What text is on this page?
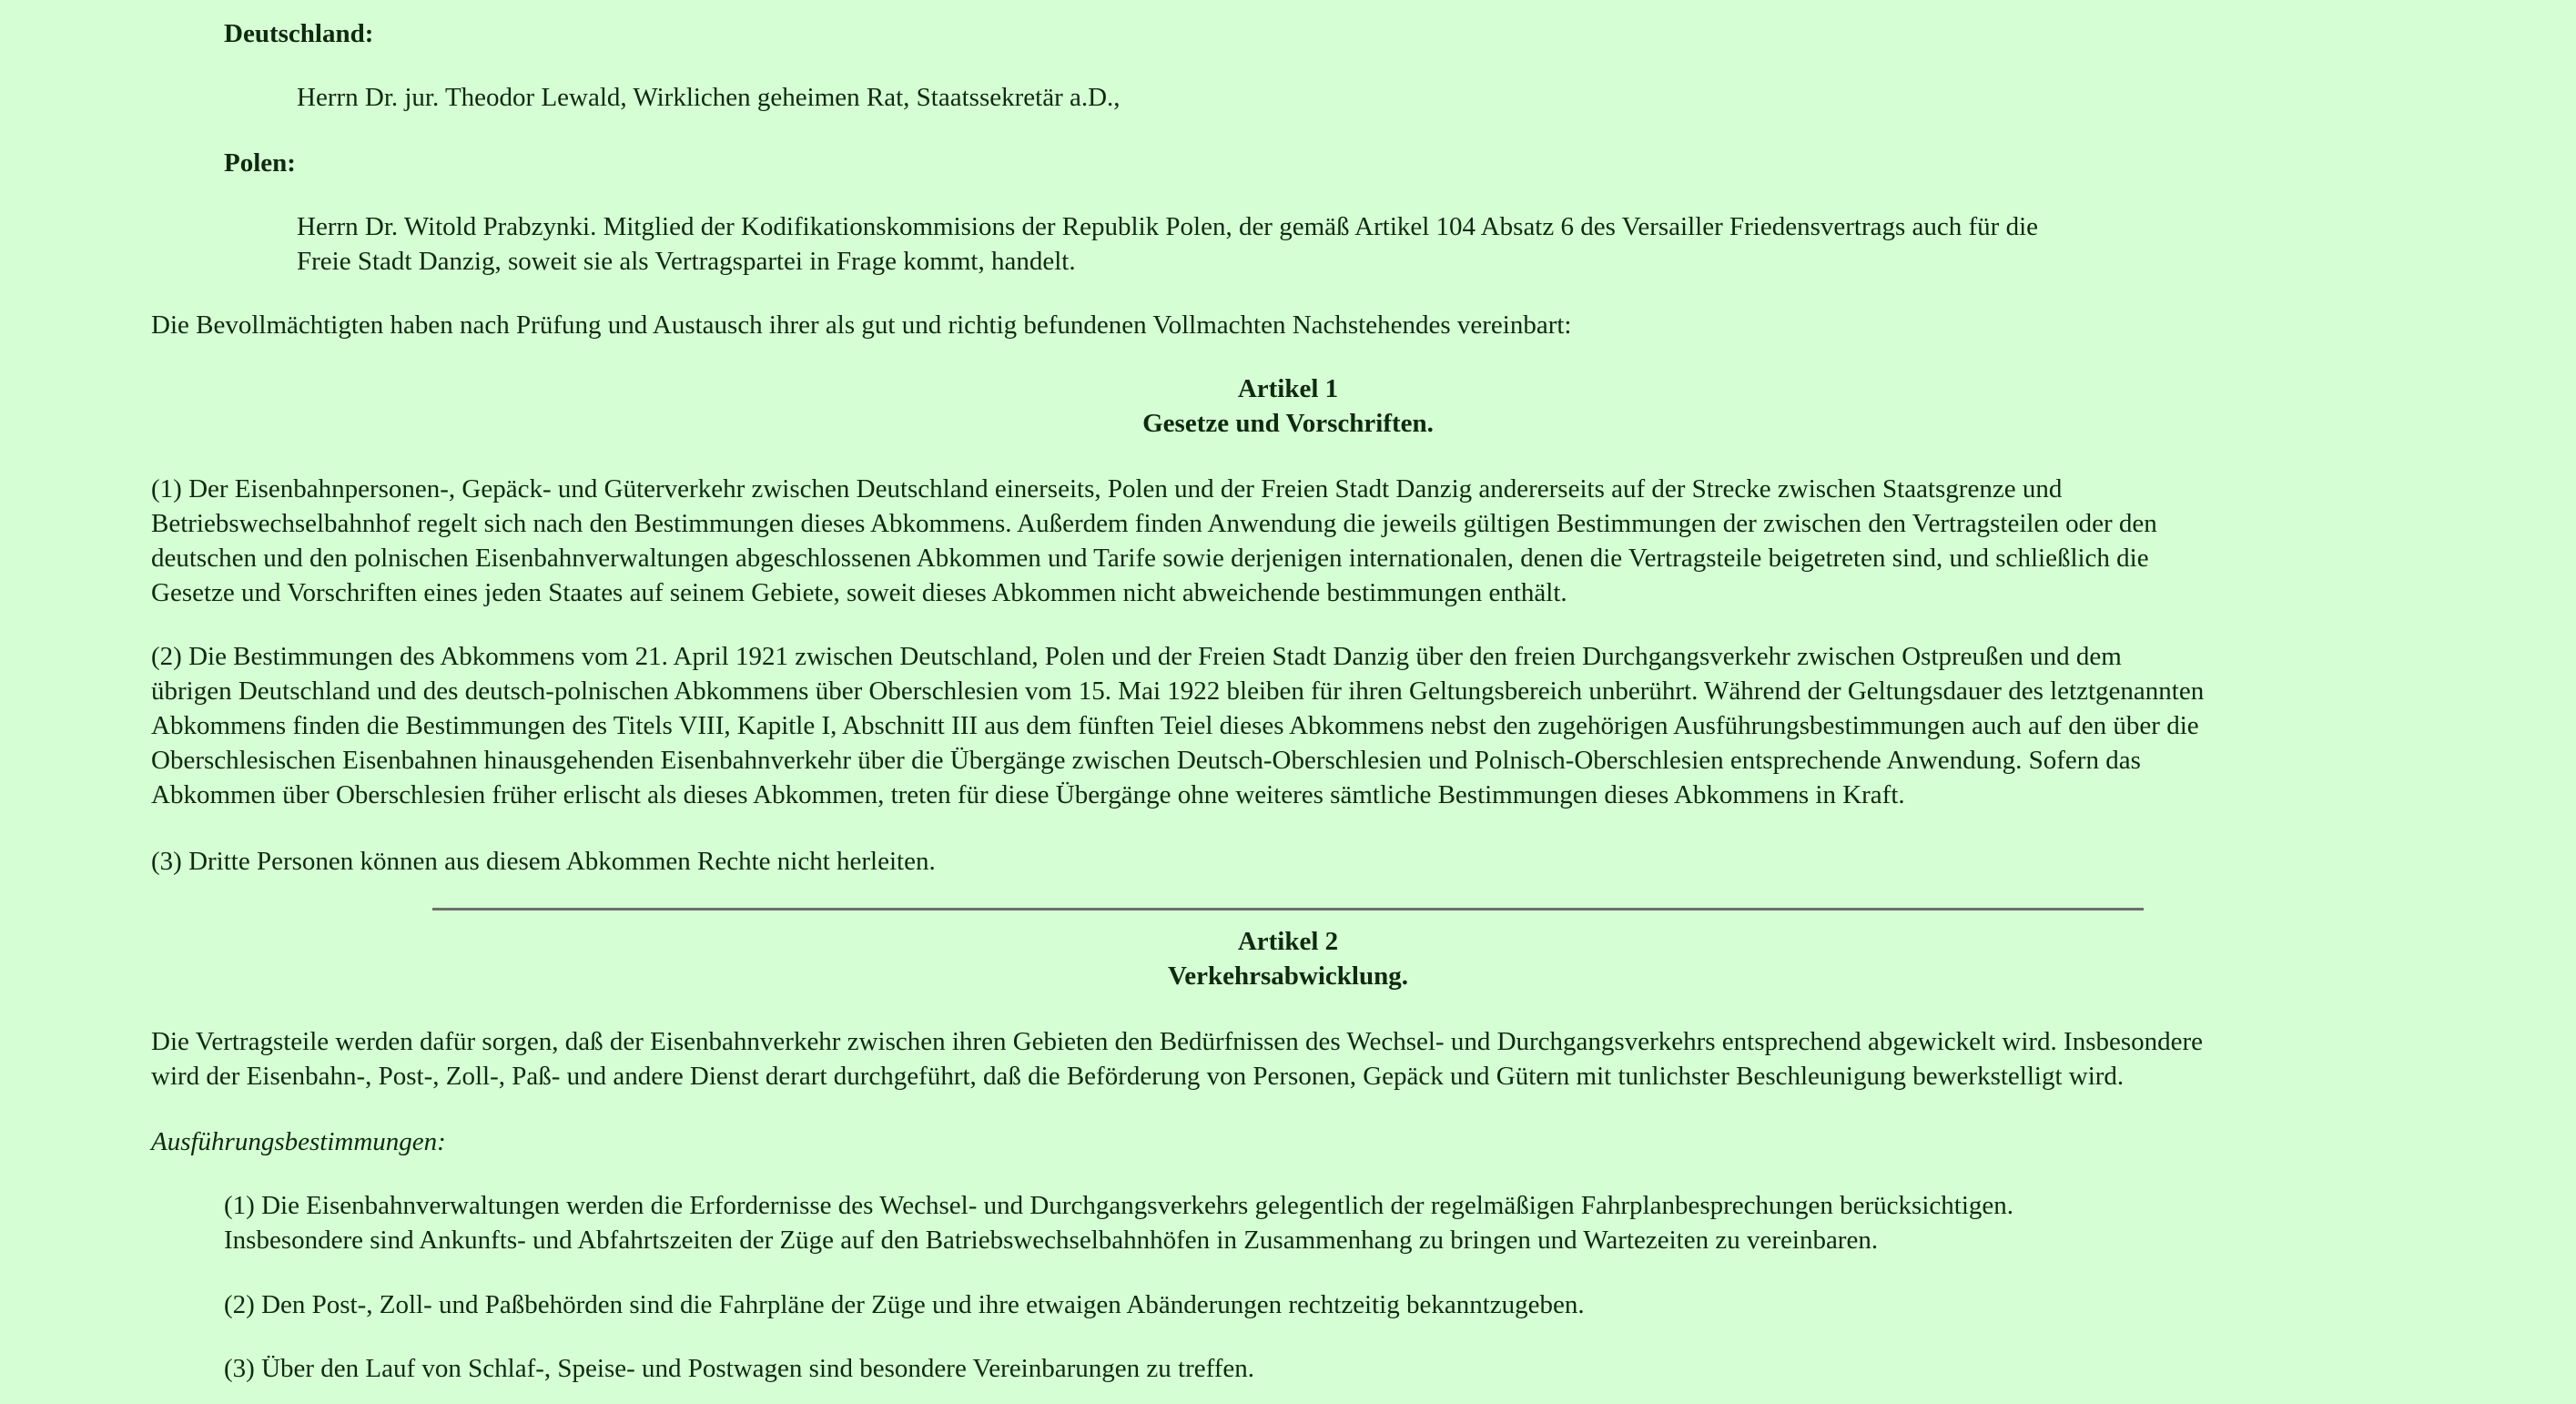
Deutschland:

Herrn Dr. jur. Theodor Lewald, Wirklichen geheimen Rat, Staatssekretär a.D.,

Polen:

Herrn Dr. Witold Prabzynki. Mitglied der Kodifikationskommisions der Republik Polen, der gemäß Artikel 104 Absatz 6 des Versailler Friedensvertrags auch für die
Freie Stadt Danzig, soweit sie als Vertragspartei in Frage kommt, handelt.

Die Bevollmächtigten haben nach Prüfung und Austausch ihrer als gut und richtig befundenen Vollmachten Nachstehendes vereinbart:

Artikel 1
Gesetze und Vorschriften.
(1) Der Eisenbahnpersonen-, Gepäck- und Güterverkehr zwischen Deutschland einerseits, Polen und der Freien Stadt Danzig andererseits auf der Strecke zwischen Staatsgrenze und
Betriebswechselbahnhof regelt sich nach den Bestimmungen dieses Abkommens. Außerdem finden Anwendung die jeweils gültigen Bestimmungen der zwischen den Vertragsteilen oder den
deutschen und den polnischen Eisenbahnverwaltungen abgeschlossenen Abkommen und Tarife sowie derjenigen internationalen, denen die Vertragsteile beigetreten sind, und schließlich die
Gesetze und Vorschriften eines jeden Staates auf seinem Gebiete, soweit dieses Abkommen nicht abweichende bestimmungen enthält.
(2) Die Bestimmungen des Abkommens vom 21. April 1921 zwischen Deutschland, Polen und der Freien Stadt Danzig über den freien Durchgangsverkehr zwischen Ostpreußen und dem
übrigen Deutschland und des deutsch-polnischen Abkommens über Oberschlesien vom 15. Mai 1922 bleiben für ihren Geltungsbereich unberührt. Während der Geltungsdauer des letztgenannten
Abkommens finden die Bestimmungen des Titels VIII, Kapitle I, Abschnitt III aus dem fünften Teiel dieses Abkommens nebst den zugehörigen Ausführungsbestimmungen auch auf den über die
Oberschlesischen Eisenbahnen hinausgehenden Eisenbahnverkehr über die Übergänge zwischen Deutsch-Oberschlesien und Polnisch-Oberschlesien entsprechende Anwendung. Sofern das
Abkommen über Oberschlesien früher erlischt als dieses Abkommen, treten für diese Übergänge ohne weiteres sämtliche Bestimmungen dieses Abkommens in Kraft.

(3) Dritte Personen können aus diesem Abkommen Rechte nicht herleiten.

Artikel 2
Verkehrsabwicklung.
Die Vertragsteile werden dafür sorgen, daß der Eisenbahnverkehr zwischen ihren Gebieten den Bedürfnissen des Wechsel- und Durchgangsverkehrs entsprechend abgewickelt wird. Insbesondere
wird der Eisenbahn-, Post-, Zoll-, Paß- und andere Dienst derart durchgeführt, daß die Beförderung von Personen, Gepäck und Gütern mit tunlichster Beschleunigung bewerkstelligt wird.

Ausführungsbestimmungen:

(1) Die Eisenbahnverwaltungen werden die Erfordernisse des Wechsel- und Durchgangsverkehrs gelegentlich der regelmäßigen Fahrplanbesprechungen berücksichtigen.
Insbesondere sind Ankunfts- und Abfahrtszeiten der Züge auf den Batriebswechselbahnhöfen in Zusammenhang zu bringen und Wartezeiten zu vereinbaren.

(2) Den Post-, Zoll- und Paßbehörden sind die Fahrpläne der Züge und ihre etwaigen Abänderungen rechtzeitig bekanntzugeben.

(3) Über den Lauf von Schlaf-, Speise- und Postwagen sind besondere Vereinbarungen zu treffen.
